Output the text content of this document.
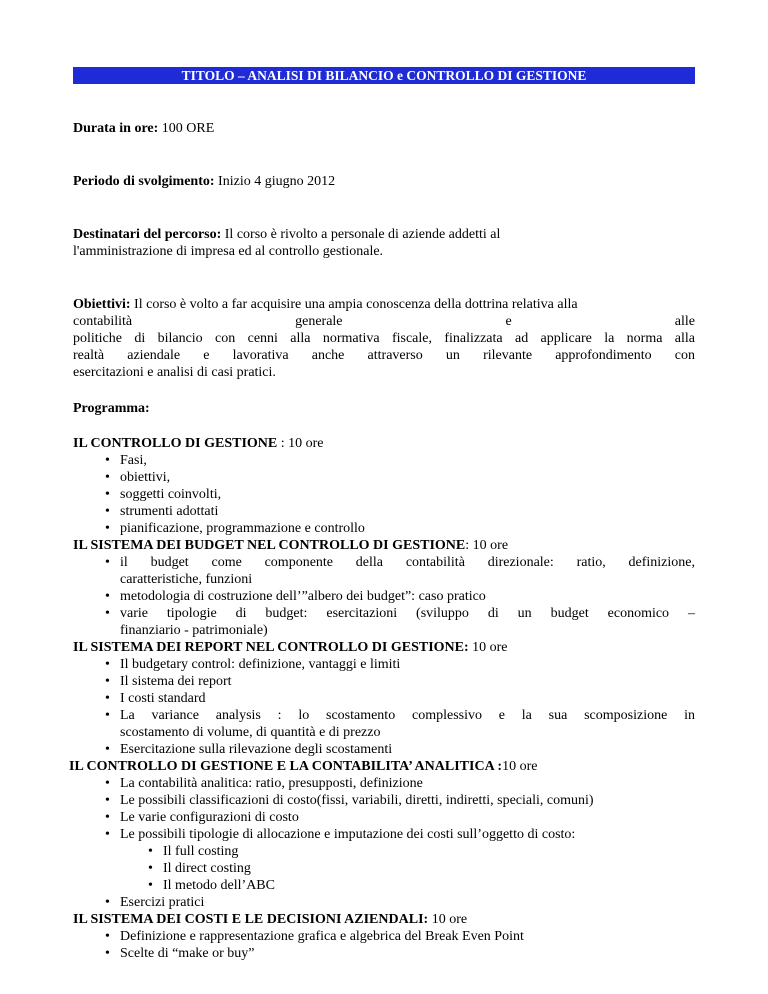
TITOLO – ANALISI DI BILANCIO e CONTROLLO DI GESTIONE
Durata in ore: 100 ORE
Periodo di svolgimento: Inizio 4 giugno 2012
Destinatari del percorso: Il corso è rivolto a personale di aziende addetti al
l'amministrazione di impresa ed al controllo gestionale.
Obiettivi: Il corso è volto a far acquisire una ampia conoscenza della dottrina relativa alla
contabilità	generale	e	alle
politiche di bilancio con cenni alla normativa fiscale, finalizzata ad applicare la norma alla
realtà aziendale e lavorativa anche attraverso un rilevante approfondimento con
esercitazioni e analisi di casi pratici.
Programma:
IL CONTROLLO DI GESTIONE : 10 ore
• Fasi,
• obiettivi,
• soggetti coinvolti,
• strumenti adottati
• pianificazione, programmazione e controllo
IL SISTEMA DEI BUDGET NEL CONTROLLO DI GESTIONE: 10 ore
• il budget come componente della contabilità direzionale: ratio, definizione,
caratteristiche, funzioni
• metodologia di costruzione dell’”albero dei budget”: caso pratico
• varie tipologie di budget: esercitazioni (sviluppo di un budget economico –
finanziario - patrimoniale)
IL SISTEMA DEI REPORT NEL CONTROLLO DI GESTIONE: 10 ore
• Il budgetary control: definizione, vantaggi e limiti
• Il sistema dei report
• I costi standard
• La variance analysis : lo scostamento complessivo e la sua scomposizione in
scostamento di volume, di quantità e di prezzo
• Esercitazione sulla rilevazione degli scostamenti
IL CONTROLLO DI GESTIONE E LA CONTABILITA’ ANALITICA :10 ore
• La contabilità analitica: ratio, presupposti, definizione
• Le possibili classificazioni di costo(fissi, variabili, diretti, indiretti, speciali, comuni)
• Le varie configurazioni di costo
• Le possibili tipologie di allocazione e imputazione dei costi sull’oggetto di costo:
• Il full costing
• Il direct costing
• Il metodo dell’ABC
• Esercizi pratici
IL SISTEMA DEI COSTI E LE DECISIONI AZIENDALI: 10 ore
• Definizione e rappresentazione grafica e algebrica del Break Even Point
• Scelte di “make or buy”
